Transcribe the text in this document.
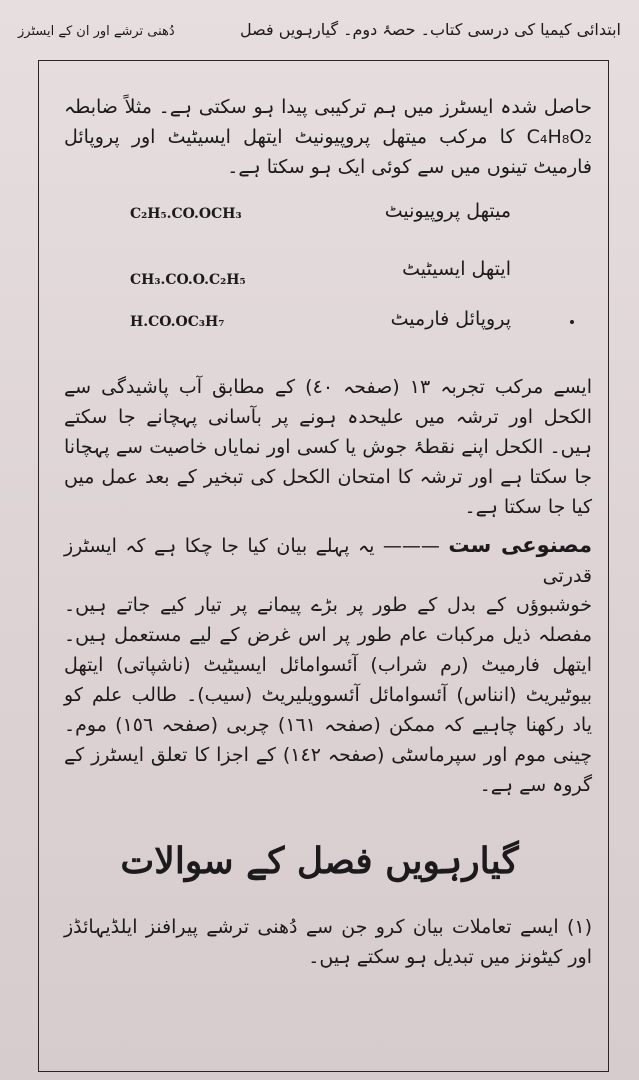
ابتدائی کیمیا کی درسی کتاب۔ حصۂ دوم۔ گیارہویں فصل
دُھنی ترشے اور ان کے ایسٹرز
حاصل شدہ ایسٹرز میں ہم ترکیبی پیدا ہو سکتی ہے۔ مثلاً ضابطہ C₄H₈O₂ کا مرکب میتھل پروپیونیٹ ایتھل ایسیٹیٹ اور پروپائل فارمیٹ تینوں میں سے کوئی ایک ہو سکتا ہے۔
میتھل پروپیونیٹ
C₂H₅.CO.OCH₃
ایتھل ایسیٹیٹ
CH₃.CO.O.C₂H₅
پروپائل فارمیٹ
H.CO.OC₃H₇
ایسے مرکب تجربہ ١٣ (صفحہ ٤٠) کے مطابق آب پاشیدگی سے الکحل اور ترشہ میں علیحدہ ہونے پر بآسانی پہچانے جا سکتے ہیں۔ الکحل اپنے نقطۂ جوش یا کسی اور نمایاں خاصیت سے پہچانا جا سکتا ہے اور ترشہ کا امتحان الکحل کی تبخیر کے بعد عمل میں کیا جا سکتا ہے۔
مصنوعی ست ——— یہ پہلے بیان کیا جا چکا ہے کہ ایسٹرز قدرتی
خوشبوؤں کے بدل کے طور پر بڑے پیمانے پر تیار کیے جاتے ہیں۔ مفصلہ ذیل مرکبات عام طور پر اس غرض کے لیے مستعمل ہیں۔ ایتھل فارمیٹ (رم شراب) آئسوامائل ایسیٹیٹ (ناشپاتی) ایتھل بیوٹیریٹ (انناس) آئسوامائل آئسوویلیریٹ (سیب)۔ طالب علم کو یاد رکھنا چاہیے کہ ممکن (صفحہ ١٦١) چربی (صفحہ ١٥٦) موم۔ چینی موم اور سپرماسٹی (صفحہ ١٤٢) کے اجزا کا تعلق ایسٹرز کے گروہ سے ہے۔
گیارہویں فصل کے سوالات
(١) ایسے تعاملات بیان کرو جن سے دُھنی ترشے پیرافنز ایلڈیہائڈز اور کیٹونز میں تبدیل ہو سکتے ہیں۔
